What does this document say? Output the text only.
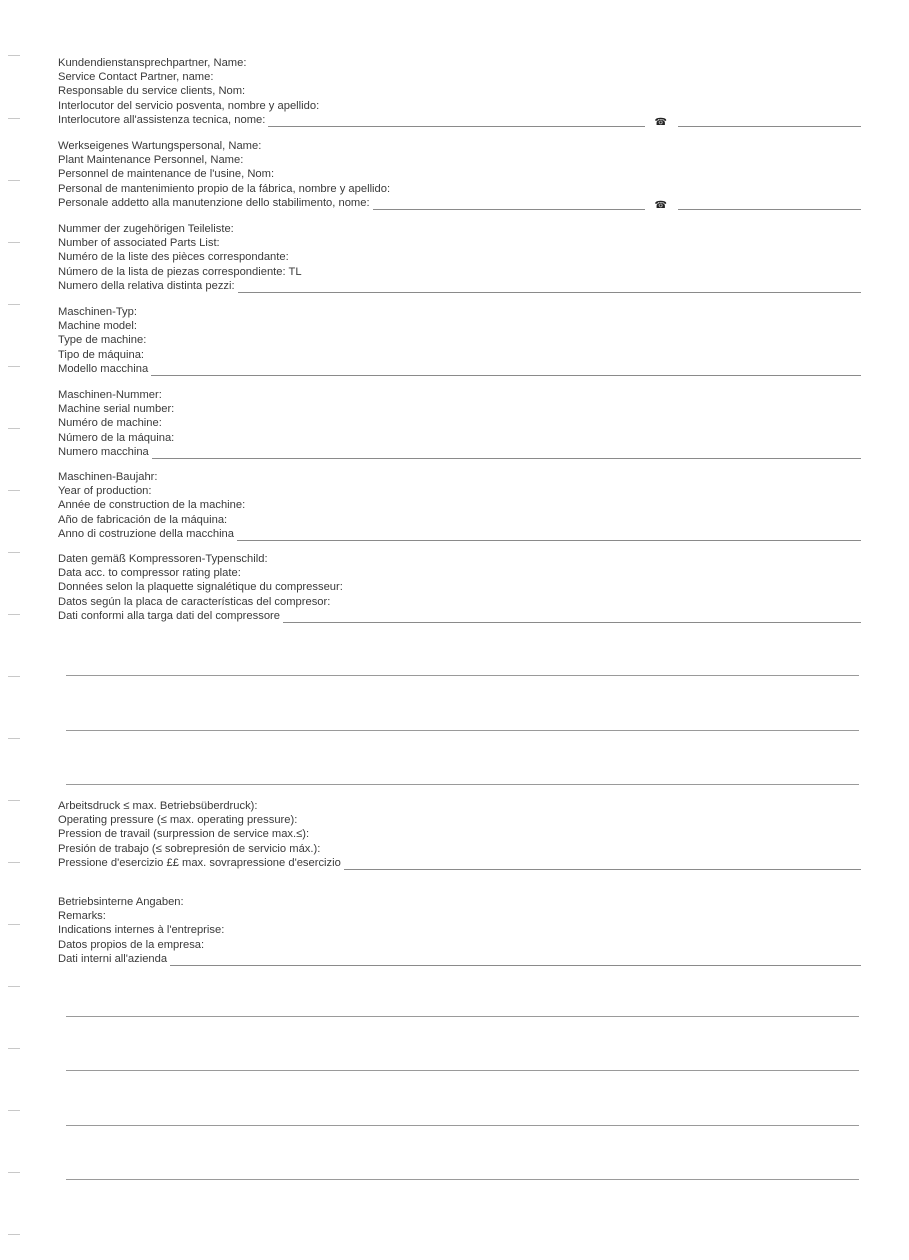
Kundendienstansprechpartner, Name:
Service Contact Partner, name:
Responsable du service clients, Nom:
Interlocutor del servicio posventa, nombre y apellido:
Interlocutore all'assistenza tecnica, nome:	☎
Werkseigenes Wartungspersonal, Name:
Plant Maintenance Personnel, Name:
Personnel de maintenance de l'usine, Nom:
Personal de mantenimiento propio de la fábrica, nombre y apellido:
Personale addetto alla manutenzione dello stabilimento, nome:	☎
Nummer der zugehörigen Teileliste:
Number of associated Parts List:
Numéro de la liste des pièces correspondante:
Número de la lista de piezas correspondiente: TL
Numero della relativa distinta pezzi:
Maschinen-Typ:
Machine model:
Type de machine:
Tipo de máquina:
Modello macchina
Maschinen-Nummer:
Machine serial number:
Numéro de machine:
Número de la máquina:
Numero macchina
Maschinen-Baujahr:
Year of production:
Année de construction de la machine:
Año de fabricación de la máquina:
Anno di costruzione della macchina
Daten gemäß Kompressoren-Typenschild:
Data acc. to compressor rating plate:
Données selon la plaquette signalétique du compresseur:
Datos según la placa de características del compresor:
Dati conformi alla targa dati del compressore
Arbeitsdruck ≤ max. Betriebsüberdruck):
Operating pressure (≤ max. operating pressure):
Pression de travail (surpression de service max.≤):
Presión de trabajo (≤ sobrepresión de servicio máx.):
Pressione d'esercizio ££ max. sovrapressione d'esercizio
Betriebsinterne Angaben:
Remarks:
Indications internes à l'entreprise:
Datos propios de la empresa:
Dati interni all'azienda
